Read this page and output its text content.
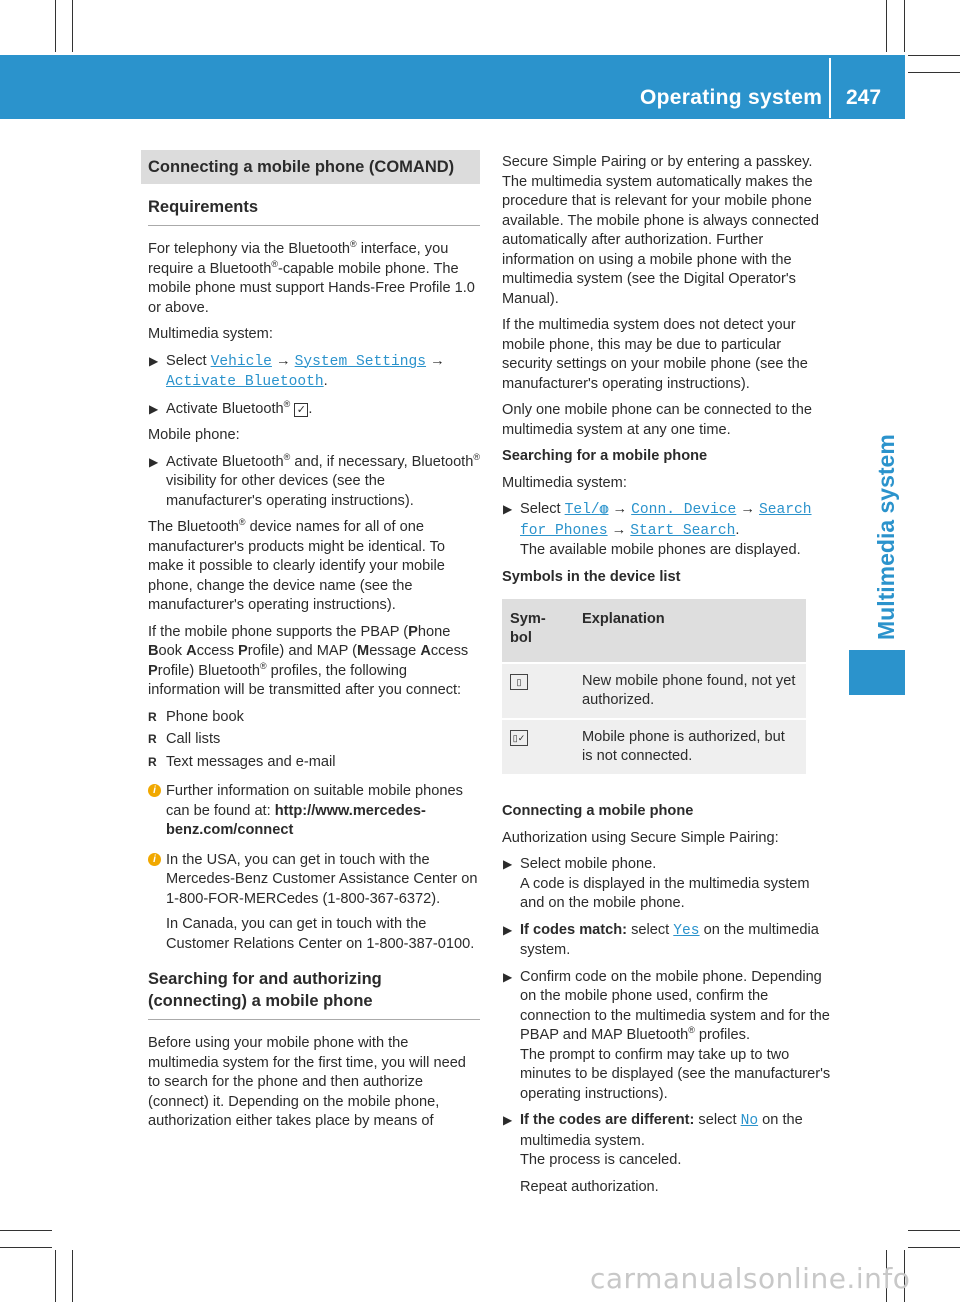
Operating system 247
Multimedia system
Connecting a mobile phone (COMAND)
Requirements

For telephony via the Bluetooth® interface, you require a Bluetooth®-capable mobile phone. The mobile phone must support Hands-Free Profile 1.0 or above.

Multimedia system:

▶ Select Vehicle → System Settings → Activate Bluetooth.
▶ Activate Bluetooth® ✓ .

Mobile phone:

▶ Activate Bluetooth® and, if necessary, Bluetooth® visibility for other devices (see the manufacturer's operating instructions).

The Bluetooth® device names for all of one manufacturer's products might be identical. To make it possible to clearly identify your mobile phone, change the device name (see the manufacturer's operating instructions).

If the mobile phone supports the PBAP (Phone Book Access Profile) and MAP (Message Access Profile) Bluetooth® profiles, the following information will be transmitted after you connect:

R Phone book
R Call lists
R Text messages and e-mail
i Further information on suitable mobile phones can be found at: http://www.mercedes-benz.com/connect
i In the USA, you can get in touch with the Mercedes-Benz Customer Assistance Center on 1-800-FOR-MERCedes (1-800-367-6372).
In Canada, you can get in touch with the Customer Relations Center on 1-800-387-0100.
Searching for and authorizing (connecting) a mobile phone

Before using your mobile phone with the multimedia system for the first time, you will need to search for the phone and then authorize (connect) it. Depending on the mobile phone, authorization either takes place by means of

Secure Simple Pairing or by entering a passkey. The multimedia system automatically makes the procedure that is relevant for your mobile phone available. The mobile phone is always connected automatically after authorization. Further information on using a mobile phone with the multimedia system (see the Digital Operator's Manual).

If the multimedia system does not detect your mobile phone, this may be due to particular security settings on your mobile phone (see the manufacturer's operating instructions).

Only one mobile phone can be connected to the multimedia system at any one time.

Searching for a mobile phone

Multimedia system:

▶ Select Tel/◍ → Conn. Device → Search for Phones → Start Search.
The available mobile phones are displayed.

Symbols in the device list

Sym-
bol	Explanation
▯	New mobile phone found, not yet authorized.
▯✓	Mobile phone is authorized, but is not connected.

Connecting a mobile phone

Authorization using Secure Simple Pairing:

▶ Select mobile phone.
A code is displayed in the multimedia system and on the mobile phone.
▶ If codes match: select Yes on the multimedia system.
▶ Confirm code on the mobile phone. Depending on the mobile phone used, confirm the connection to the multimedia system and for the PBAP and MAP Bluetooth® profiles.
The prompt to confirm may take up to two minutes to be displayed (see the manufacturer's operating instructions).
▶ If the codes are different: select No on the multimedia system.
The process is canceled.
Repeat authorization.
carmanualsonline.info
